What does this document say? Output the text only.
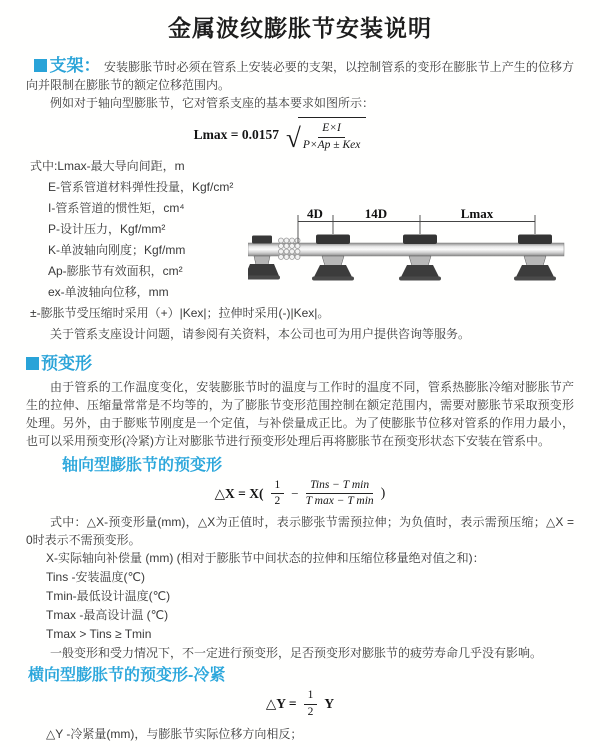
金属波纹膨胀节安装说明

支架： 安装膨胀节时必须在管系上安装必要的支架，以控制管系的变形在膨胀节上产生的位移方向并限制在膨胀节的额定位移范围内。

例如对于轴向型膨胀节，它对管系支座的基本要求如图所示：

Lmax = 0.0157 √ $\frac{E\times I}{\text{P×Ap ± Kex}}$
式中:Lmax-最大导向间距，m
E-管系管道材料弹性投量，Kgf/cm²
I-管系管道的惯性矩，cm⁴
P-设计压力，Kgf/mm²
K-单波轴向刚度；Kgf/mm
Ap-膨胀节有效面积，cm²
ex-单波轴向位移，mm
±-膨胀节受压缩时采用（+）|Kex|；拉伸时采用(-)|Kex|。

关于管系支座设计问题，请参阅有关资料，本公司也可为用户提供咨询等服务。

预变形

由于管系的工作温度变化，安装膨胀节时的温度与工作时的温度不同，管系热膨胀冷缩对膨胀节产生的拉伸、压缩量常常是不均等的，为了膨胀节变形范围控制在额定范围内，需要对膨胀节采取预变形处理。另外，由于膨账节刚度是一个定值，与补偿量成正比。为了使膨胀节位移对管系的作用力最小，也可以采用预变形(冷紧)方让对膨胀节进行预变形处理后再将膨胀节在预变形状态下安装在管系中。

轴向型膨胀节的预变形
△X = $X( \frac{1}{2} - \frac{\text{Tins − T min}}{\text{T max − T min}}$ )

式中：△X-预变形量(mm)，△X为正值时，表示膨张节需预拉伸；为负值时，表示需预压缩；△X = 0时表示不需预变形。

X-实际轴向补偿量 (mm) (相对于膨胀节中间状态的拉伸和压缩位移量绝对值之和)：
Tins -安装温度(℃)
Tmin-最低设计温度(℃)
Tmax -最高设计温 (℃)
Tmax > Tins ≥ Tmin

一般变形和受力情况下，不一定进行预变形，足否预变形对膨胀节的疲劳寿命几乎没有影响。

横向型膨胀节的预变形-冷紧
△Y = $\frac{1}{2}$ Y
△Y -冷紧量(mm)，与膨胀节实际位移方向相反；
4D	14D	Lmax
